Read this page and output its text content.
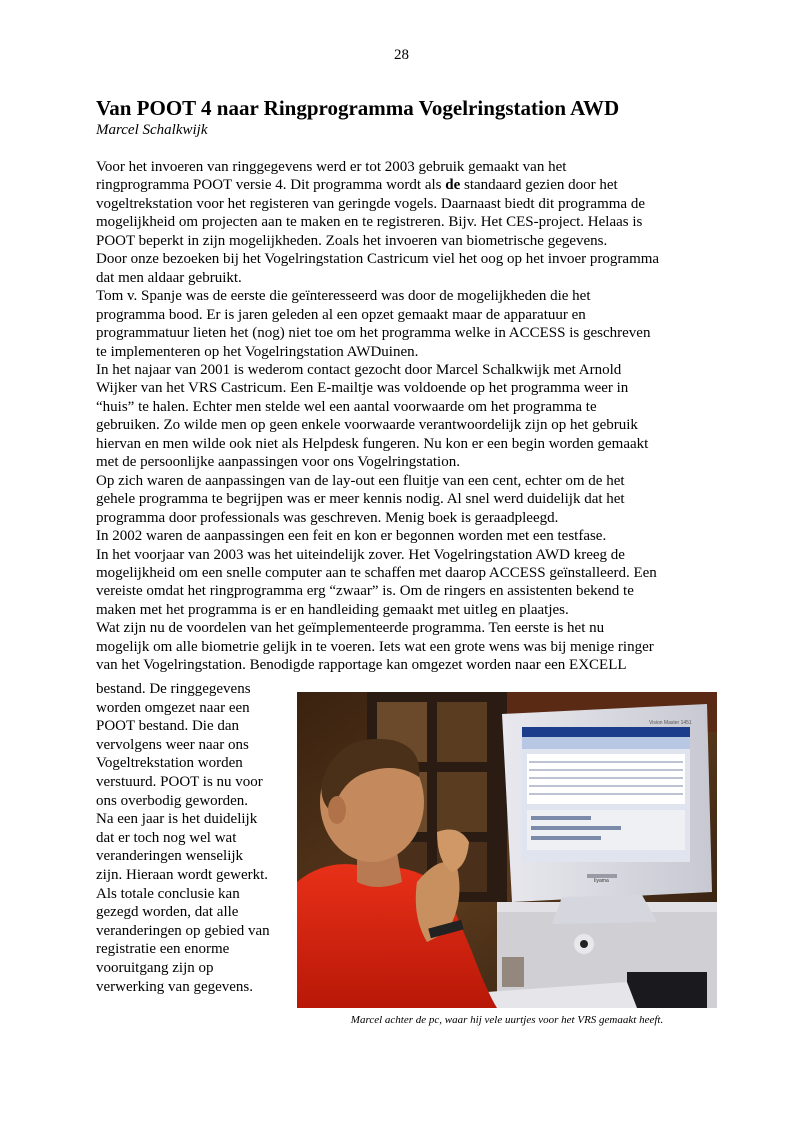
28
Van POOT 4 naar Ringprogramma Vogelringstation AWD
Marcel Schalkwijk
Voor het invoeren van ringgegevens werd er tot 2003 gebruik gemaakt van het
ringprogramma POOT versie 4. Dit programma wordt als de standaard gezien door het
vogeltrekstation voor het registeren van geringde vogels. Daarnaast biedt dit programma de
mogelijkheid om projecten aan te maken en te registreren. Bijv. Het CES-project. Helaas is
POOT beperkt in zijn mogelijkheden. Zoals het invoeren van biometrische gegevens.
Door onze bezoeken bij het Vogelringstation Castricum viel het oog op het invoer programma
dat men aldaar gebruikt.
Tom v. Spanje was de eerste die geïnteresseerd was door de mogelijkheden die het
programma bood. Er is jaren geleden al een opzet gemaakt maar de apparatuur en
programmatuur lieten het (nog) niet toe om het programma welke in ACCESS is geschreven
te implementeren op het Vogelringstation AWDuinen.
In het najaar van 2001 is wederom contact gezocht door Marcel Schalkwijk met Arnold
Wijker van het VRS Castricum. Een E-mailtje was voldoende op het programma weer in
“huis” te halen. Echter men stelde wel een aantal voorwaarde om het programma te
gebruiken. Zo wilde men op geen enkele voorwaarde verantwoordelijk zijn op het gebruik
hiervan en men wilde ook niet als Helpdesk fungeren. Nu kon er een begin worden gemaakt
met de persoonlijke aanpassingen voor ons Vogelringstation.
Op zich waren de aanpassingen van de lay-out een fluitje van een cent, echter om de het
gehele programma te begrijpen was er meer kennis nodig. Al snel werd duidelijk dat het
programma door professionals was geschreven. Menig boek is geraadpleegd.
In 2002 waren de aanpassingen een feit en kon er begonnen worden met een testfase.
In het voorjaar van 2003 was het uiteindelijk zover. Het Vogelringstation AWD kreeg de
mogelijkheid om een snelle computer aan te schaffen met daarop ACCESS geïnstalleerd. Een
vereiste omdat het ringprogramma erg “zwaar” is. Om de ringers en assistenten bekend te
maken met het programma is er en handleiding gemaakt met uitleg en plaatjes.
Wat zijn nu de voordelen van het geïmplementeerde programma. Ten eerste is het nu
mogelijk om alle biometrie gelijk in te voeren. Iets wat een grote wens was bij menige ringer
van het Vogelringstation. Benodigde rapportage kan omgezet worden naar een EXCELL
bestand. De ringgegevens
worden omgezet naar een
POOT bestand. Die dan
vervolgens weer naar ons
Vogeltrekstation worden
verstuurd. POOT is nu voor
ons overbodig geworden.
Na een jaar is het duidelijk
dat er toch nog wel wat
veranderingen wenselijk
zijn. Hieraan wordt gewerkt.
Als totale conclusie kan
gezegd worden, dat alle
veranderingen op gebied van
registratie een enorme
vooruitgang zijn op
verwerking van gegevens.
Vision Master 1451
Iiyama
Marcel achter de pc, waar hij vele uurtjes voor het VRS gemaakt heeft.
